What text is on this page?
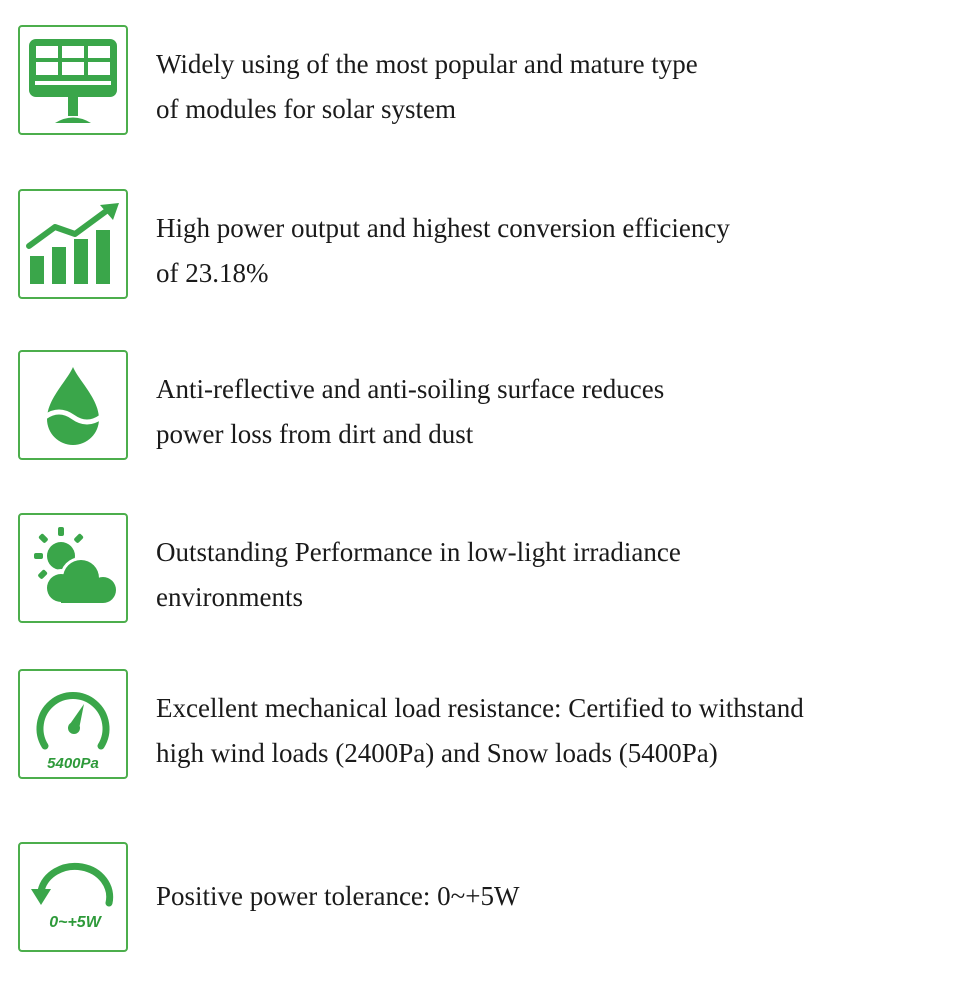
Widely using of the most popular and mature type
of modules for solar system
High power output and highest conversion efficiency
of 23.18%
Anti-reflective and anti-soiling surface reduces
power loss from dirt and dust
Outstanding Performance in low-light irradiance
environments
5400Pa
Excellent mechanical load resistance: Certified to withstand
high wind loads (2400Pa) and Snow loads (5400Pa)
0~+5W
Positive power tolerance: 0~+5W
